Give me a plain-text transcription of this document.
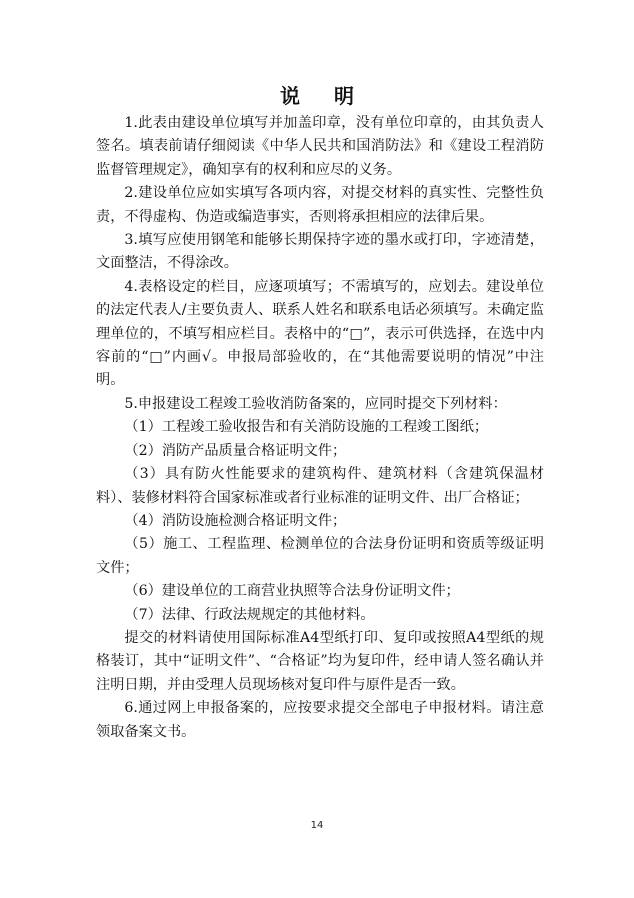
说 明

1.此表由建设单位填写并加盖印章，没有单位印章的，由其负责人签名。填表前请仔细阅读《中华人民共和国消防法》和《建设工程消防监督管理规定》，确知享有的权利和应尽的义务。

2.建设单位应如实填写各项内容，对提交材料的真实性、完整性负责，不得虚构、伪造或编造事实，否则将承担相应的法律后果。

3.填写应使用钢笔和能够长期保持字迹的墨水或打印，字迹清楚，文面整洁，不得涂改。

4.表格设定的栏目，应逐项填写；不需填写的，应划去。建设单位的法定代表人/主要负责人、联系人姓名和联系电话必须填写。未确定监理单位的，不填写相应栏目。表格中的“□”，表示可供选择，在选中内容前的“□”内画√。申报局部验收的，在“其他需要说明的情况”中注明。

5.申报建设工程竣工验收消防备案的，应同时提交下列材料：

（1）工程竣工验收报告和有关消防设施的工程竣工图纸；

（2）消防产品质量合格证明文件；

（3）具有防火性能要求的建筑构件、建筑材料（含建筑保温材料）、装修材料符合国家标准或者行业标准的证明文件、出厂合格证；

（4）消防设施检测合格证明文件；

（5）施工、工程监理、检测单位的合法身份证明和资质等级证明文件；

（6）建设单位的工商营业执照等合法身份证明文件；

（7）法律、行政法规规定的其他材料。

提交的材料请使用国际标准A4型纸打印、复印或按照A4型纸的规格装订，其中“证明文件”、“合格证”均为复印件，经申请人签名确认并注明日期，并由受理人员现场核对复印件与原件是否一致。

6.通过网上申报备案的，应按要求提交全部电子申报材料。请注意领取备案文书。

14
